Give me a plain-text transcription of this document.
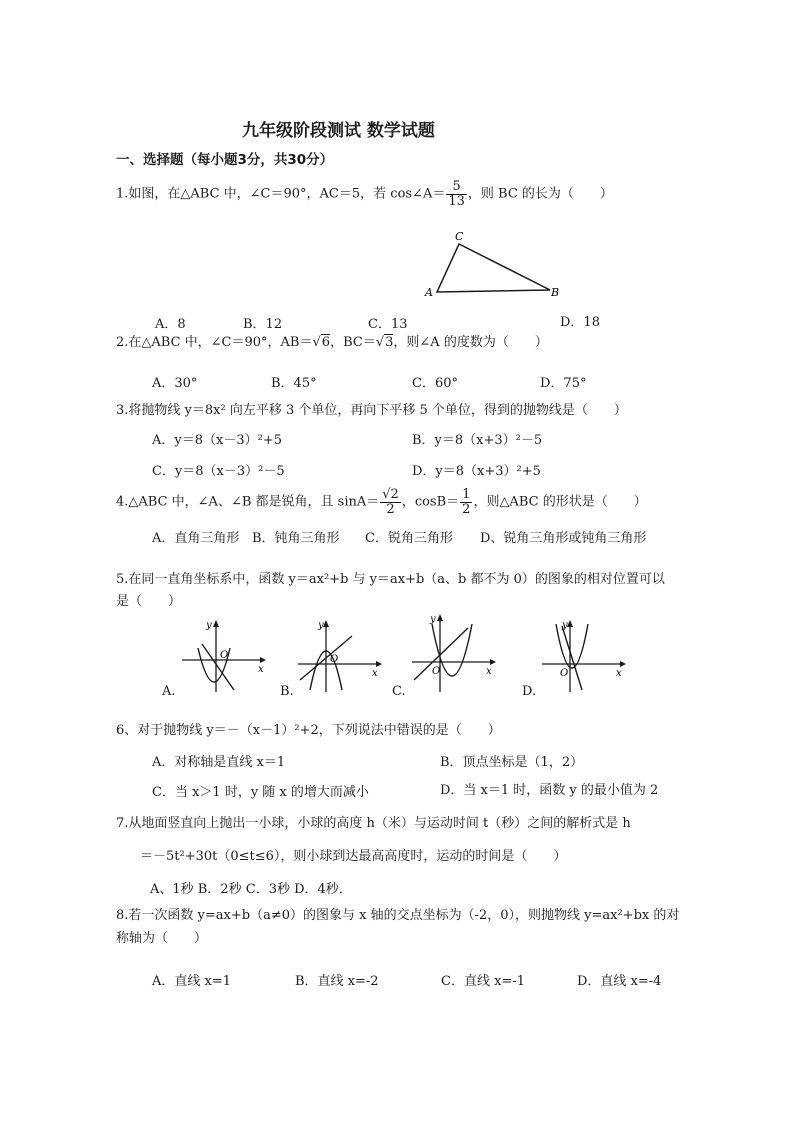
九年级阶段测试 数学试题
一、选择题（每小题3分，共30分）
1.如图，在△ABC 中，∠C＝90°，AC＝5，若 cos∠A＝ $\frac{5}{13}$ ，则 BC 的长为（　　）
A
C
B
A．8	B．12	C．13	D．18
2.在△ABC 中，∠C＝90°，AB＝√6，BC＝√3，则∠A 的度数为（　　）
A．30°	B．45°	C．60°	D．75°
3.将抛物线 y＝8x² 向左平移 3 个单位，再向下平移 5 个单位，得到的抛物线是（　　）
A．y＝8（x－3）²+5	B．y＝8（x+3）²－5
C．y＝8（x－3）²－5	D．y＝8（x+3）²+5
4.△ABC 中，∠A、∠B 都是锐角，且 $\sin A= \frac{√2}{2}$ ，$\cos B= \frac{1}{2}$ ，则△ABC 的形状是（　　）
A．直角三角形 B．钝角三角形 C．锐角三角形 D、锐角三角形或钝角三角形
5.在同一直角坐标系中，函数 y＝ax²+b 与 y＝ax+b（a、b 都不为 0）的图象的相对位置可以
是（　　）
y
x
O
y
x
O
y
x
O
y
x
O
A.	B.	C.	D.
6、对于抛物线 y＝－（x－1）²+2，下列说法中错误的是（　　）
A．对称轴是直线 x＝1	B．顶点坐标是（1，2）
C．当 x＞1 时，y 随 x 的增大而减小	D．当 x＝1 时，函数 y 的最小值为 2
7.从地面竖直向上抛出一小球，小球的高度 h（米）与运动时间 t（秒）之间的解析式是 h
＝－5t²+30t（0≤t≤6），则小球到达最高高度时，运动的时间是（　　）
A、1秒 B．2秒 C．3秒 D．4秒．
8.若一次函数 y=ax+b（a≠0）的图象与 x 轴的交点坐标为（-2，0），则抛物线 y=ax²+bx 的对
称轴为（　　）
A．直线 x=1	B．直线 x=-2	C．直线 x=-1	D．直线 x=-4
